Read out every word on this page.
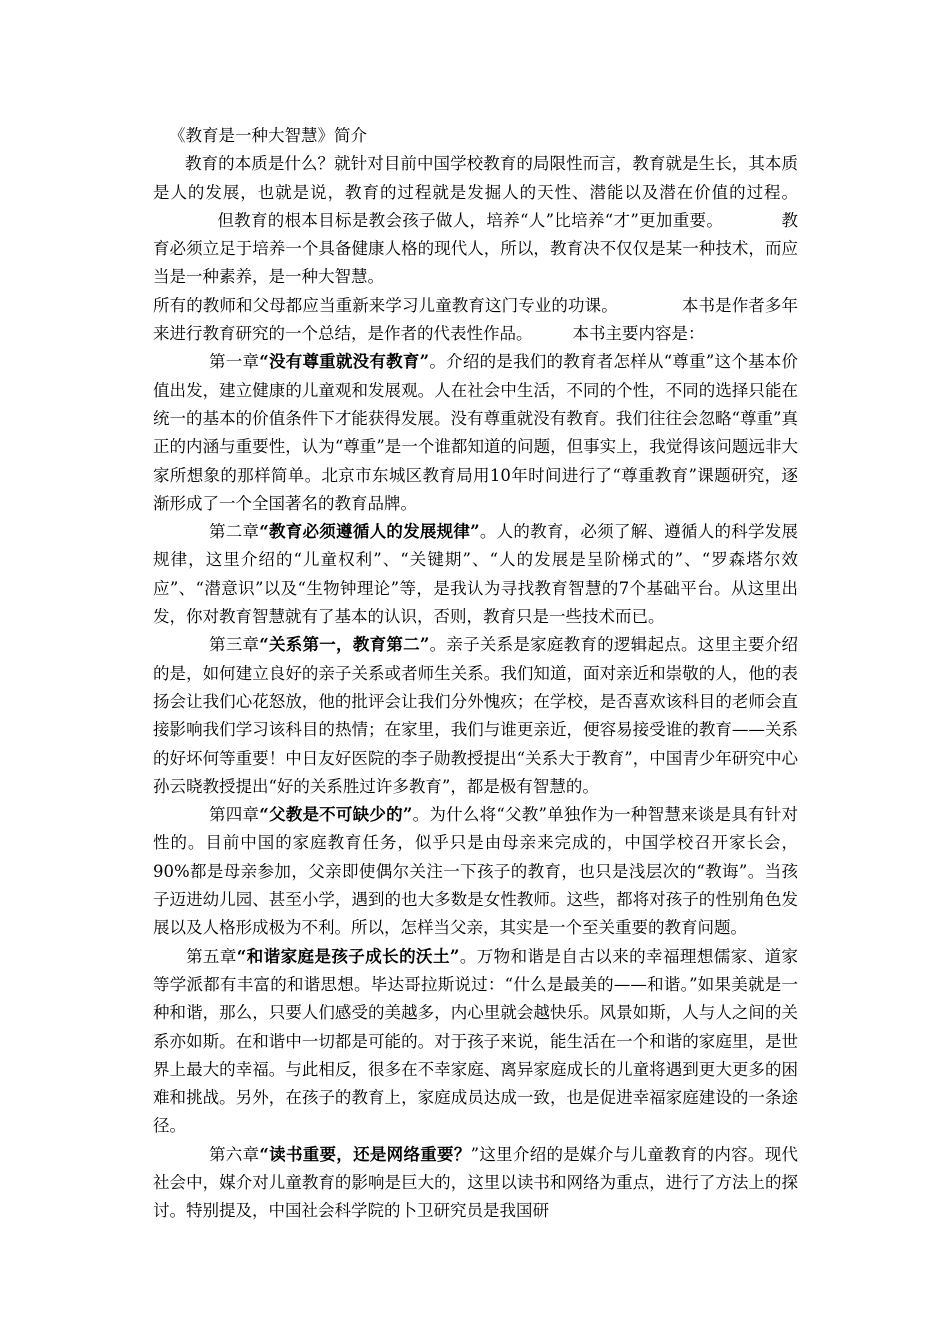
《教育是一种大智慧》简介

教育的本质是什么？就针对目前中国学校教育的局限性而言，教育就是生长，其本质是人的发展，也就是说，教育的过程就是发掘人的天性、潜能以及潜在价值的过程。但教育的根本目标是教会孩子做人，培养“人”比培养“才”更加重要。	教育必须立足于培养一个具备健康人格的现代人，所以，教育决不仅仅是某一种技术，而应当是一种素养，是一种大智慧。

所有的教师和父母都应当重新来学习儿童教育这门专业的功课。	本书是作者多年来进行教育研究的一个总结，是作者的代表性作品。 本书主要内容是：

第一章“没有尊重就没有教育”。介绍的是我们的教育者怎样从“尊重”这个基本价值出发，建立健康的儿童观和发展观。人在社会中生活，不同的个性，不同的选择只能在统一的基本的价值条件下才能获得发展。没有尊重就没有教育。我们往往会忽略“尊重”真正的内涵与重要性，认为“尊重”是一个谁都知道的问题，但事实上，我觉得该问题远非大家所想象的那样简单。北京市东城区教育局用10年时间进行了“尊重教育”课题研究，逐渐形成了一个全国著名的教育品牌。

第二章“教育必须遵循人的发展规律”。人的教育，必须了解、遵循人的科学发展规律，这里介绍的“儿童权利”、“关键期”、“人的发展是呈阶梯式的”、“罗森塔尔效应”、“潜意识”以及“生物钟理论”等，是我认为寻找教育智慧的7个基础平台。从这里出发，你对教育智慧就有了基本的认识，否则，教育只是一些技术而已。

第三章“关系第一，教育第二”。亲子关系是家庭教育的逻辑起点。这里主要介绍的是，如何建立良好的亲子关系或者师生关系。我们知道，面对亲近和崇敬的人，他的表扬会让我们心花怒放，他的批评会让我们分外愧疚；在学校，是否喜欢该科目的老师会直接影响我们学习该科目的热情；在家里，我们与谁更亲近，便容易接受谁的教育——关系的好坏何等重要！中日友好医院的李子勋教授提出“关系大于教育”，中国青少年研究中心孙云晓教授提出“好的关系胜过许多教育”，都是极有智慧的。

第四章“父教是不可缺少的”。为什么将“父教”单独作为一种智慧来谈是具有针对性的。目前中国的家庭教育任务，似乎只是由母亲来完成的，中国学校召开家长会，90%都是母亲参加，父亲即使偶尔关注一下孩子的教育，也只是浅层次的“教诲”。当孩子迈进幼儿园、甚至小学，遇到的也大多数是女性教师。这些，都将对孩子的性别角色发展以及人格形成极为不利。所以，怎样当父亲，其实是一个至关重要的教育问题。

第五章“和谐家庭是孩子成长的沃土”。万物和谐是自古以来的幸福理想儒家、道家等学派都有丰富的和谐思想。毕达哥拉斯说过：“什么是最美的——和谐。”如果美就是一种和谐，那么，只要人们感受的美越多，内心里就会越快乐。风景如斯，人与人之间的关系亦如斯。在和谐中一切都是可能的。对于孩子来说，能生活在一个和谐的家庭里，是世界上最大的幸福。与此相反，很多在不幸家庭、离异家庭成长的儿童将遇到更大更多的困难和挑战。另外，在孩子的教育上，家庭成员达成一致，也是促进幸福家庭建设的一条途径。

第六章“读书重要，还是网络重要？”这里介绍的是媒介与儿童教育的内容。现代社会中，媒介对儿童教育的影响是巨大的，这里以读书和网络为重点，进行了方法上的探讨。特别提及，中国社会科学院的卜卫研究员是我国研
